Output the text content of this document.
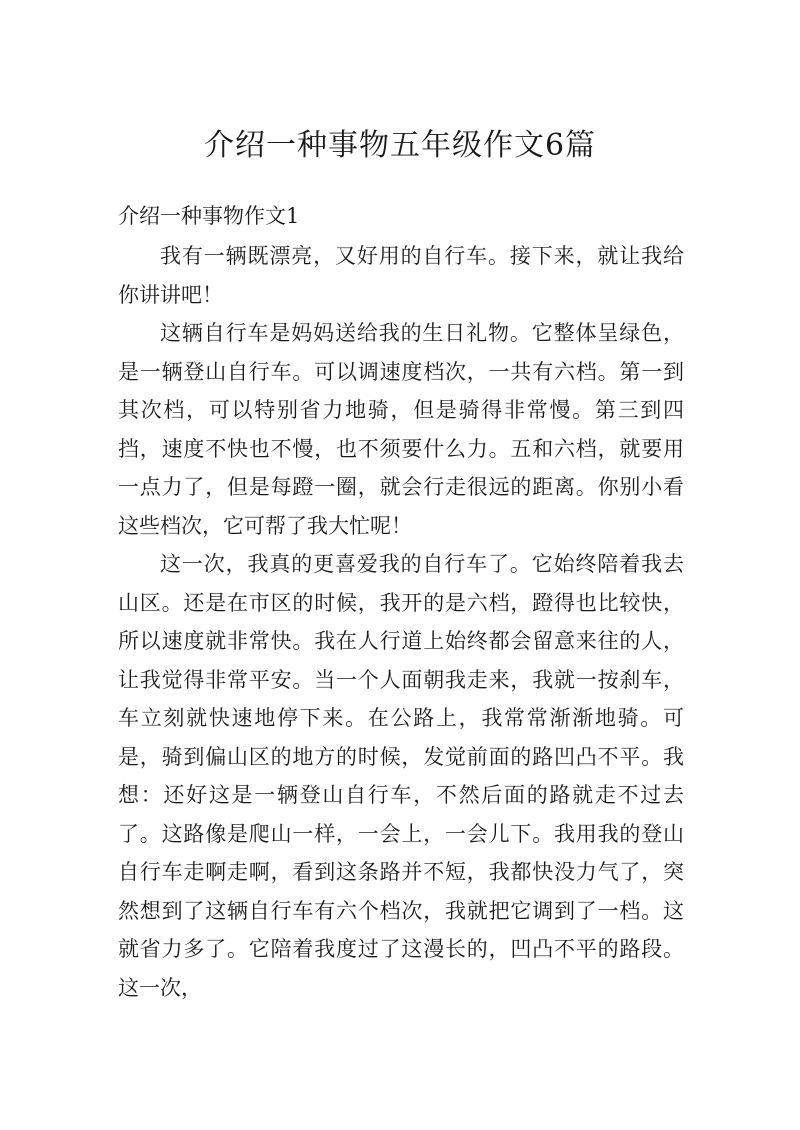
介绍一种事物五年级作文6篇
介绍一种事物作文1

我有一辆既漂亮，又好用的自行车。接下来，就让我给你讲讲吧！

这辆自行车是妈妈送给我的生日礼物。它整体呈绿色，是一辆登山自行车。可以调速度档次，一共有六档。第一到其次档，可以特别省力地骑，但是骑得非常慢。第三到四挡，速度不快也不慢，也不须要什么力。五和六档，就要用一点力了，但是每蹬一圈，就会行走很远的距离。你别小看这些档次，它可帮了我大忙呢！

这一次，我真的更喜爱我的自行车了。它始终陪着我去山区。还是在市区的时候，我开的是六档，蹬得也比较快，所以速度就非常快。我在人行道上始终都会留意来往的人，让我觉得非常平安。当一个人面朝我走来，我就一按刹车，车立刻就快速地停下来。在公路上，我常常渐渐地骑。可是，骑到偏山区的地方的时候，发觉前面的路凹凸不平。我想：还好这是一辆登山自行车，不然后面的路就走不过去了。这路像是爬山一样，一会上，一会儿下。我用我的登山自行车走啊走啊，看到这条路并不短，我都快没力气了，突然想到了这辆自行车有六个档次，我就把它调到了一档。这就省力多了。它陪着我度过了这漫长的，凹凸不平的路段。这一次，
